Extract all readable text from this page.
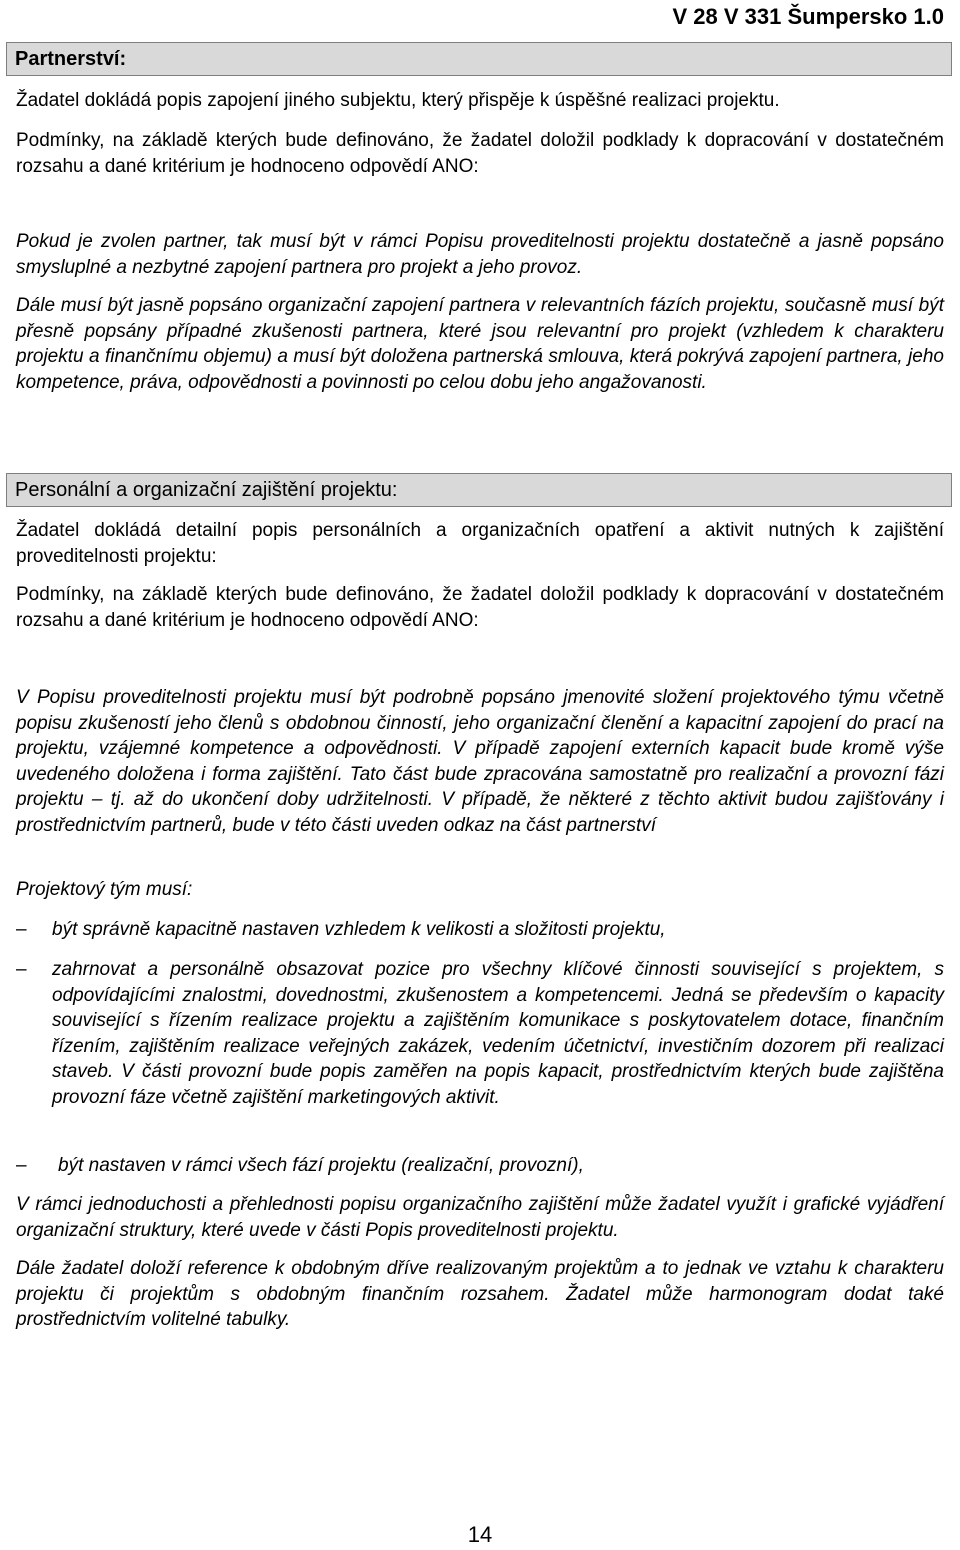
V 28 V 331 Šumpersko 1.0
Partnerství:

Žadatel dokládá popis zapojení jiného subjektu, který přispěje k úspěšné realizaci projektu.

Podmínky, na základě kterých bude definováno, že žadatel doložil podklady k dopracování v dostatečném rozsahu a dané kritérium je hodnoceno odpovědí ANO:

Pokud je zvolen partner, tak musí být v rámci Popisu proveditelnosti projektu dostatečně a jasně popsáno smysluplné a nezbytné zapojení partnera pro projekt a jeho provoz.

Dále musí být jasně popsáno organizační zapojení partnera v relevantních fázích projektu, současně musí být přesně popsány případné zkušenosti partnera, které jsou relevantní pro projekt (vzhledem k charakteru projektu a finančnímu objemu) a musí být doložena partnerská smlouva, která pokrývá zapojení partnera, jeho kompetence, práva, odpovědnosti a povinnosti po celou dobu jeho angažovanosti.

Personální a organizační zajištění projektu:

Žadatel dokládá detailní popis personálních a organizačních opatření a aktivit nutných k zajištění proveditelnosti projektu:

Podmínky, na základě kterých bude definováno, že žadatel doložil podklady k dopracování v dostatečném rozsahu a dané kritérium je hodnoceno odpovědí ANO:

V Popisu proveditelnosti projektu musí být podrobně popsáno jmenovité složení projektového týmu včetně popisu zkušeností jeho členů s obdobnou činností, jeho organizační členění a kapacitní zapojení do prací na projektu, vzájemné kompetence a odpovědnosti. V případě zapojení externích kapacit bude kromě výše uvedeného doložena i forma zajištění. Tato část bude zpracována samostatně pro realizační a provozní fázi projektu – tj. až do ukončení doby udržitelnosti. V případě, že některé z těchto aktivit budou zajišťovány i prostřednictvím partnerů, bude v této části uveden odkaz na část partnerství

Projektový tým musí:

– být správně kapacitně nastaven vzhledem k velikosti a složitosti projektu,
– zahrnovat a personálně obsazovat pozice pro všechny klíčové činnosti související s projektem, s odpovídajícími znalostmi, dovednostmi, zkušenostem a kompetencemi. Jedná se především o kapacity související s řízením realizace projektu a zajištěním komunikace s poskytovatelem dotace, finančním řízením, zajištěním realizace veřejných zakázek, vedením účetnictví, investičním dozorem při realizaci staveb. V části provozní bude popis zaměřen na popis kapacit, prostřednictvím kterých bude zajištěna provozní fáze včetně zajištění marketingových aktivit.
– být nastaven v rámci všech fází projektu (realizační, provozní),

V rámci jednoduchosti a přehlednosti popisu organizačního zajištění může žadatel využít i grafické vyjádření organizační struktury, které uvede v části Popis proveditelnosti projektu.

Dále žadatel doloží reference k obdobným dříve realizovaným projektům a to jednak ve vztahu k charakteru projektu či projektům s obdobným finančním rozsahem. Žadatel může harmonogram dodat také prostřednictvím volitelné tabulky.

14
